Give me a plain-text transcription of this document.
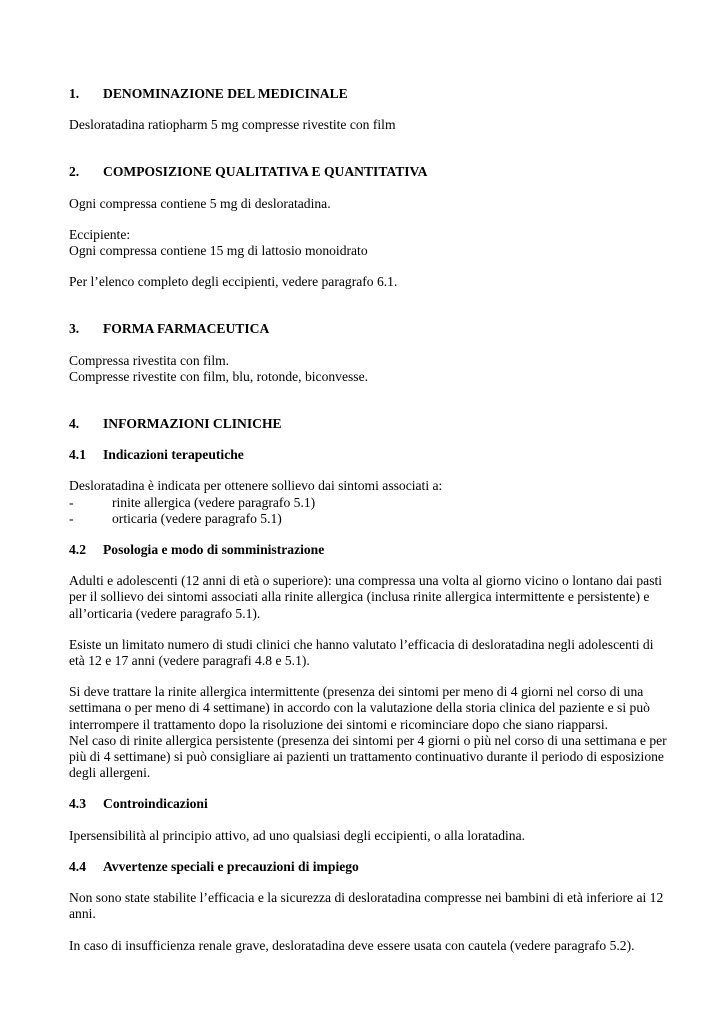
1.	DENOMINAZIONE DEL MEDICINALE

Desloratadina ratiopharm 5 mg compresse rivestite con film

2.	COMPOSIZIONE QUALITATIVA E QUANTITATIVA

Ogni compressa contiene 5 mg di desloratadina.

Eccipiente:

Ogni compressa contiene 15 mg di lattosio monoidrato

Per l’elenco completo degli eccipienti, vedere paragrafo 6.1.

3.	FORMA FARMACEUTICA

Compressa rivestita con film.

Compresse rivestite con film, blu, rotonde, biconvesse.

4.	INFORMAZIONI CLINICHE
4.1	Indicazioni terapeutiche

Desloratadina è indicata per ottenere sollievo dai sintomi associati a:

-	rinite allergica (vedere paragrafo 5.1)
-	orticaria (vedere paragrafo 5.1)
4.2	Posologia e modo di somministrazione

Adulti e adolescenti (12 anni di età o superiore): una compressa una volta al giorno vicino o lontano dai pasti per il sollievo dei sintomi associati alla rinite allergica (inclusa rinite allergica intermittente e persistente) e all’orticaria (vedere paragrafo 5.1).

Esiste un limitato numero di studi clinici che hanno valutato l’efficacia di desloratadina negli adolescenti di età 12 e 17 anni (vedere paragrafi 4.8 e 5.1).

Si deve trattare la rinite allergica intermittente (presenza dei sintomi per meno di 4 giorni nel corso di una settimana o per meno di 4 settimane) in accordo con la valutazione della storia clinica del paziente e si può interrompere il trattamento dopo la risoluzione dei sintomi e ricominciare dopo che siano riapparsi.

Nel caso di rinite allergica persistente (presenza dei sintomi per 4 giorni o più nel corso di una settimana e per più di 4 settimane) si può consigliare ai pazienti un trattamento continuativo durante il periodo di esposizione degli allergeni.

4.3	Controindicazioni

Ipersensibilità al principio attivo, ad uno qualsiasi degli eccipienti, o alla loratadina.

4.4	Avvertenze speciali e precauzioni di impiego

Non sono state stabilite l’efficacia e la sicurezza di desloratadina compresse nei bambini di età inferiore ai 12 anni.

In caso di insufficienza renale grave, desloratadina deve essere usata con cautela (vedere paragrafo 5.2).
